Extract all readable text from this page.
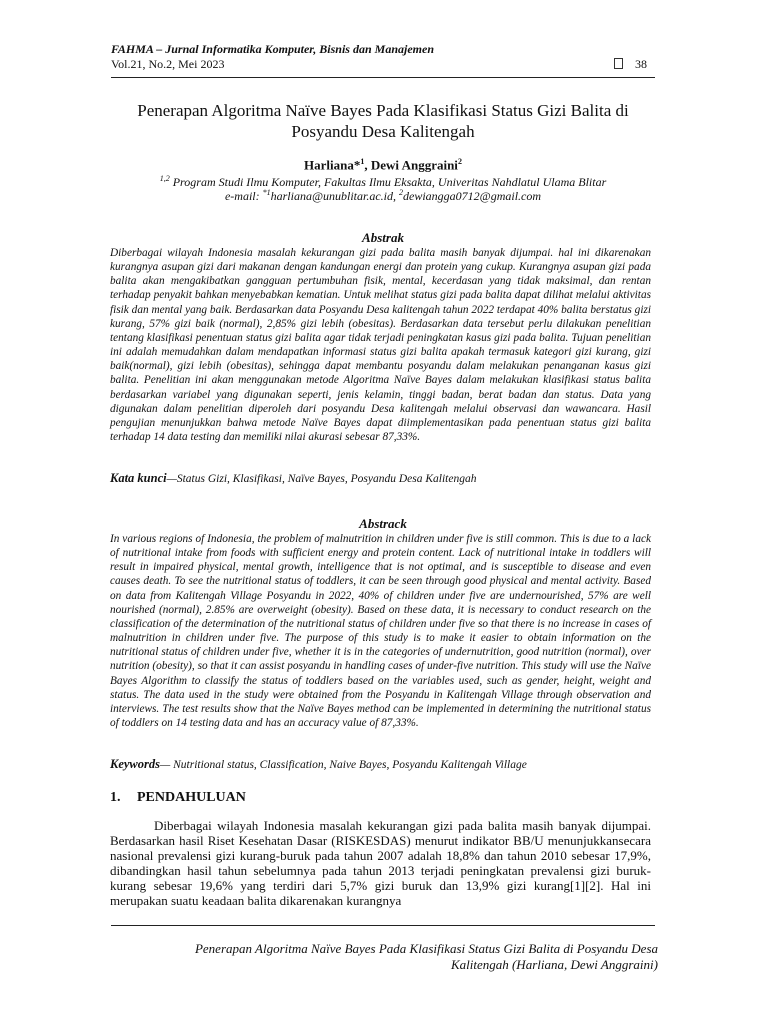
FAHMA – Jurnal Informatika Komputer, Bisnis dan Manajemen
Vol.21, No.2, Mei 2023	38
Penerapan Algoritma Naïve Bayes Pada Klasifikasi Status Gizi Balita di Posyandu Desa Kalitengah
Harliana*$^1$, Dewi Anggraini$^2$
$^{1,2}$ Program Studi Ilmu Komputer, Fakultas Ilmu Eksakta, Univeritas Nahdlatul Ulama Blitar
e-mail: $^{*1}$harliana@unublitar.ac.id, $^2$dewiangga0712@gmail.com
Abstrak

Diberbagai wilayah Indonesia masalah kekurangan gizi pada balita masih banyak dijumpai. hal ini dikarenakan kurangnya asupan gizi dari makanan dengan kandungan energi dan protein yang cukup. Kurangnya asupan gizi pada balita akan mengakibatkan gangguan pertumbuhan fisik, mental, kecerdasan yang tidak maksimal, dan rentan terhadap penyakit bahkan menyebabkan kematian. Untuk melihat status gizi pada balita dapat dilihat melalui aktivitas fisik dan mental yang baik. Berdasarkan data Posyandu Desa kalitengah tahun 2022 terdapat 40% balita berstatus gizi kurang, 57% gizi baik (normal), 2,85% gizi lebih (obesitas). Berdasarkan data tersebut perlu dilakukan penelitian tentang klasifikasi penentuan status gizi balita agar tidak terjadi peningkatan kasus gizi pada balita. Tujuan penelitian ini adalah memudahkan dalam mendapatkan informasi status gizi balita apakah termasuk kategori gizi kurang, gizi baik(normal), gizi lebih (obesitas), sehingga dapat membantu posyandu dalam melakukan penanganan kasus gizi balita. Penelitian ini akan menggunakan metode Algoritma Naïve Bayes dalam melakukan klasifikasi status balita berdasarkan variabel yang digunakan seperti, jenis kelamin, tinggi badan, berat badan dan status. Data yang digunakan dalam penelitian diperoleh dari posyandu Desa kalitengah melalui observasi dan wawancara. Hasil pengujian menunjukkan bahwa metode Naïve Bayes dapat diimplementasikan pada penentuan status gizi balita terhadap 14 data testing dan memiliki nilai akurasi sebesar 87,33%.

Kata kunci—Status Gizi, Klasifikasi, Naïve Bayes, Posyandu Desa Kalitengah
Abstrack

In various regions of Indonesia, the problem of malnutrition in children under five is still common. This is due to a lack of nutritional intake from foods with sufficient energy and protein content. Lack of nutritional intake in toddlers will result in impaired physical, mental growth, intelligence that is not optimal, and is susceptible to disease and even causes death. To see the nutritional status of toddlers, it can be seen through good physical and mental activity. Based on data from Kalitengah Village Posyandu in 2022, 40% of children under five are undernourished, 57% are well nourished (normal), 2.85% are overweight (obesity). Based on these data, it is necessary to conduct research on the classification of the determination of the nutritional status of children under five so that there is no increase in cases of malnutrition in children under five. The purpose of this study is to make it easier to obtain information on the nutritional status of children under five, whether it is in the categories of undernutrition, good nutrition (normal), over nutrition (obesity), so that it can assist posyandu in handling cases of under-five nutrition. This study will use the Naïve Bayes Algorithm to classify the status of toddlers based on the variables used, such as gender, height, weight and status. The data used in the study were obtained from the Posyandu in Kalitengah Village through observation and interviews. The test results show that the Naïve Bayes method can be implemented in determining the nutritional status of toddlers on 14 testing data and has an accuracy value of 87,33%.

Keywords— Nutritional status, Classification, Naive Bayes, Posyandu Kalitengah Village
1. PENDAHULUAN

Diberbagai wilayah Indonesia masalah kekurangan gizi pada balita masih banyak dijumpai. Berdasarkan hasil Riset Kesehatan Dasar (RISKESDAS) menurut indikator BB/U menunjukkansecara nasional prevalensi gizi kurang-buruk pada tahun 2007 adalah 18,8% dan tahun 2010 sebesar 17,9%, dibandingkan hasil tahun sebelumnya pada tahun 2013 terjadi peningkatan prevalensi gizi buruk-kurang sebesar 19,6% yang terdiri dari 5,7% gizi buruk dan 13,9% gizi kurang[1][2]. Hal ini merupakan suatu keadaan balita dikarenakan kurangnya

Penerapan Algoritma Naïve Bayes Pada Klasifikasi Status Gizi Balita di Posyandu Desa
Kalitengah (Harliana, Dewi Anggraini)
